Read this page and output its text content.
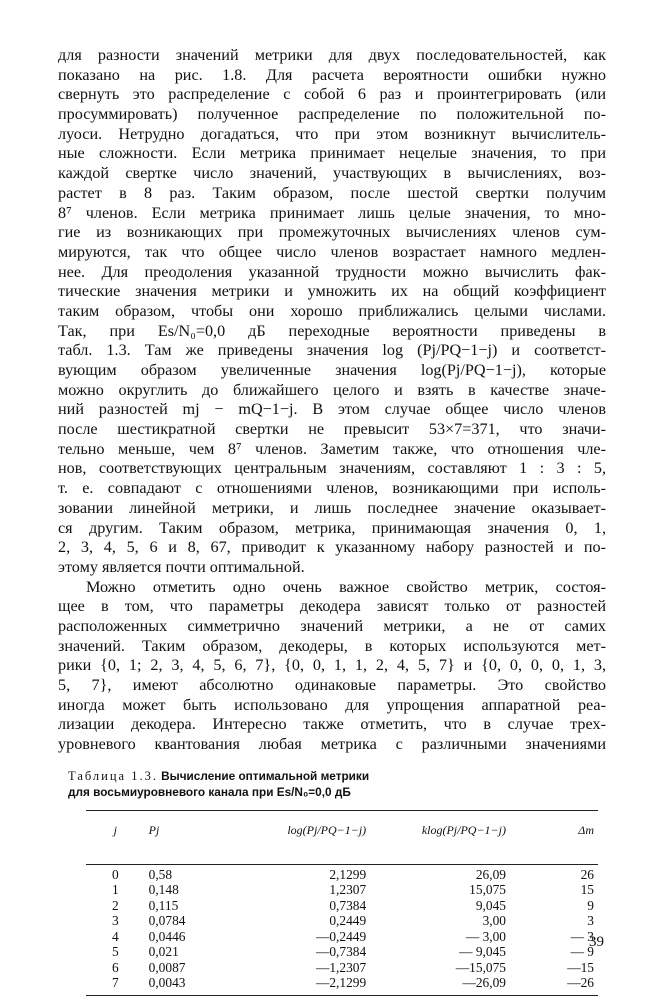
для разности значений метрики для двух последовательностей, как
показано на рис. 1.8. Для расчета вероятности ошибки нужно
свернуть это распределение с собой 6 раз и проинтегрировать (или
просуммировать) полученное распределение по положительной по-
луоси. Нетрудно догадаться, что при этом возникнут вычислитель-
ные сложности. Если метрика принимает нецелые значения, то при
каждой свертке число значений, участвующих в вычислениях, воз-
растет в 8 раз. Таким образом, после шестой свертки получим
8⁷ членов. Если метрика принимает лишь целые значения, то мно-
гие из возникающих при промежуточных вычислениях членов сум-
мируются, так что общее число членов возрастает намного медлен-
нее. Для преодоления указанной трудности можно вычислить фак-
тические значения метрики и умножить их на общий коэффициент
таким образом, чтобы они хорошо приближались целыми числами.
Так, при Es/N₀=0,0 дБ переходные вероятности приведены в
табл. 1.3. Там же приведены значения log (Pj/PQ−1−j) и соответст-
вующим образом увеличенные значения log(Pj/PQ−1−j), которые
можно округлить до ближайшего целого и взять в качестве значе-
ний разностей mj − mQ−1−j. В этом случае общее число членов
после шестикратной свертки не превысит 53×7=371, что значи-
тельно меньше, чем 8⁷ членов. Заметим также, что отношения чле-
нов, соответствующих центральным значениям, составляют 1 : 3 : 5,
т. е. совпадают с отношениями членов, возникающими при исполь-
зовании линейной метрики, и лишь последнее значение оказывает-
ся другим. Таким образом, метрика, принимающая значения 0, 1,
2, 3, 4, 5, 6 и 8, 67, приводит к указанному набору разностей и по-
этому является почти оптимальной.
Можно отметить одно очень важное свойство метрик, состоя-
щее в том, что параметры декодера зависят только от разностей
расположенных симметрично значений метрики, а не от самих
значений. Таким образом, декодеры, в которых используются мет-
рики {0, 1; 2, 3, 4, 5, 6, 7}, {0, 0, 1, 1, 2, 4, 5, 7} и {0, 0, 0, 0, 1, 3,
5, 7}, имеют абсолютно одинаковые параметры. Это свойство
иногда может быть использовано для упрощения аппаратной реа-
лизации декодера. Интересно также отметить, что в случае трех-
уровневого квантования любая метрика с различными значениями
Таблица 1.3. Вычисление оптимальной метрики
для восьмиуровневого канала при Es/N₀=0,0 дБ
j	Pj	log(Pj/PQ−1−j)	klog(Pj/PQ−1−j)	Δm
0	0,58	2,1299	26,09	26
1	0,148	1,2307	15,075	15
2	0,115	0,7384	9,045	9
3	0,0784	0,2449	3,00	3
4	0,0446	—0,2449	— 3,00	— 3
5	0,021	—0,7384	— 9,045	— 9
6	0,0087	—1,2307	—15,075	—15
7	0,0043	—2,1299	—26,09	—26
39
